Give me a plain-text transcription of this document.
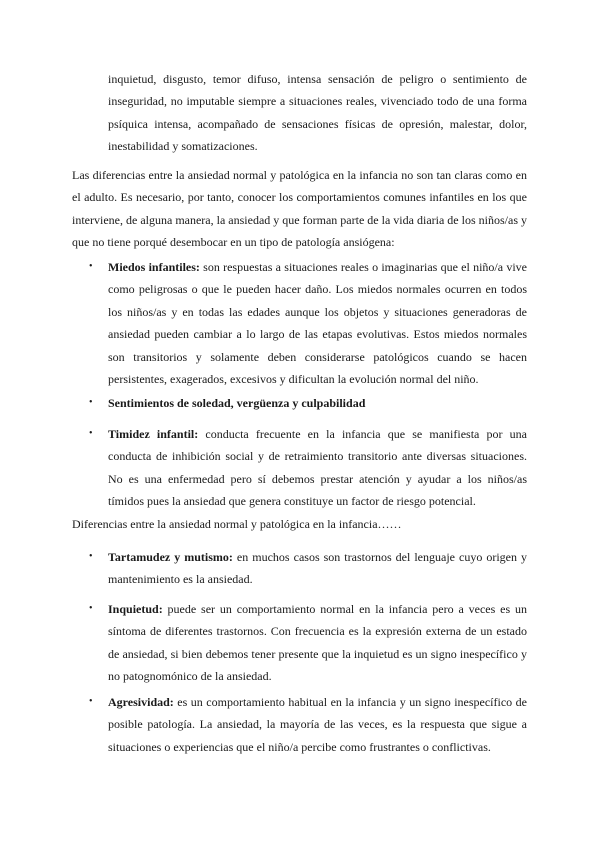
inquietud, disgusto, temor difuso, intensa sensación de peligro o sentimiento de inseguridad, no imputable siempre a situaciones reales, vivenciado todo de una forma psíquica intensa, acompañado de sensaciones físicas de opresión, malestar, dolor, inestabilidad y somatizaciones.

Las diferencias entre la ansiedad normal y patológica en la infancia no son tan claras como en el adulto. Es necesario, por tanto, conocer los comportamientos comunes infantiles en los que interviene, de alguna manera, la ansiedad y que forman parte de la vida diaria de los niños/as y que no tiene porqué desembocar en un tipo de patología ansiógena:

• Miedos infantiles: son respuestas a situaciones reales o imaginarias que el niño/a vive como peligrosas o que le pueden hacer daño. Los miedos normales ocurren en todos los niños/as y en todas las edades aunque los objetos y situaciones generadoras de ansiedad pueden cambiar a lo largo de las etapas evolutivas. Estos miedos normales son transitorios y solamente deben considerarse patológicos cuando se hacen persistentes, exagerados, excesivos y dificultan la evolución normal del niño.
• Sentimientos de soledad, vergüenza y culpabilidad
• Timidez infantil: conducta frecuente en la infancia que se manifiesta por una conducta de inhibición social y de retraimiento transitorio ante diversas situaciones. No es una enfermedad pero sí debemos prestar atención y ayudar a los niños/as tímidos pues la ansiedad que genera constituye un factor de riesgo potencial.

Diferencias entre la ansiedad normal y patológica en la infancia……

• Tartamudez y mutismo: en muchos casos son trastornos del lenguaje cuyo origen y mantenimiento es la ansiedad.
• Inquietud: puede ser un comportamiento normal en la infancia pero a veces es un síntoma de diferentes trastornos. Con frecuencia es la expresión externa de un estado de ansiedad, si bien debemos tener presente que la inquietud es un signo inespecífico y no patognomónico de la ansiedad.
• Agresividad: es un comportamiento habitual en la infancia y un signo inespecífico de posible patología. La ansiedad, la mayoría de las veces, es la respuesta que sigue a situaciones o experiencias que el niño/a percibe como frustrantes o conflictivas.
